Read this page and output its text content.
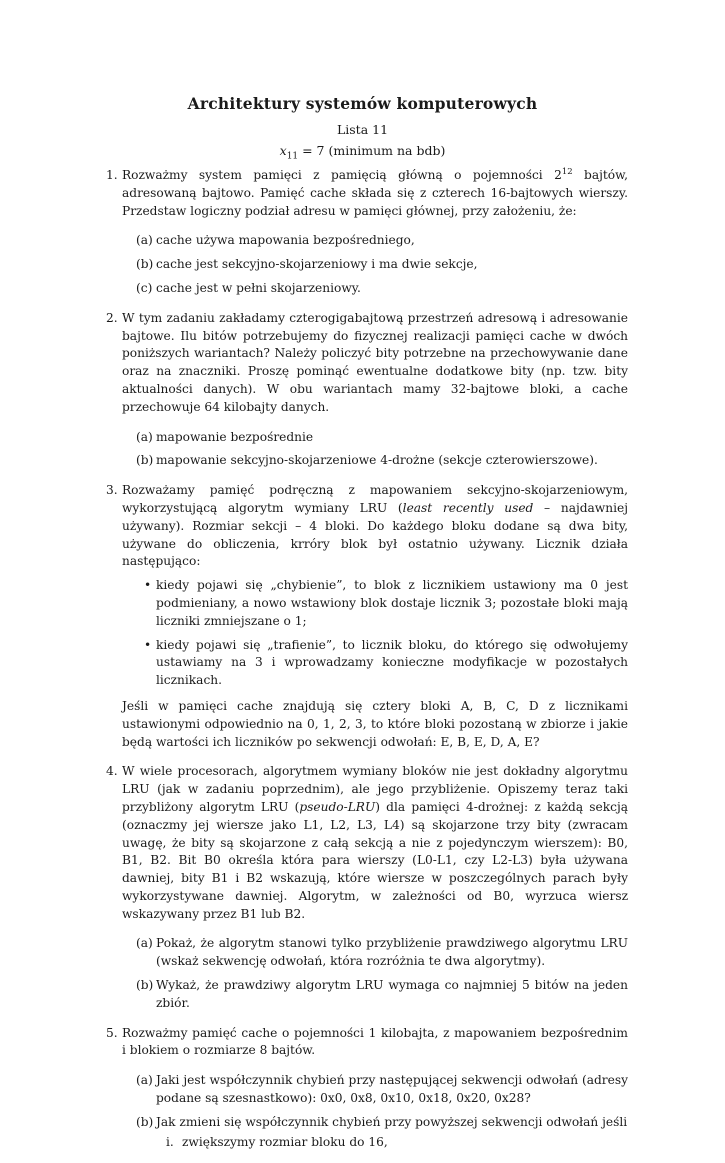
Architektury systemów komputerowych
Lista 11
$x_{11} = 7$ (minimum na bdb)
1. Rozważmy system pamięci z pamięcią główną o pojemności $2^{12}$ bajtów, adresowaną bajtowo. Pamięć cache składa się z czterech 16-bajtowych wierszy. Przedstaw logiczny podział adresu w pamięci głównej, przy założeniu, że:
(a) cache używa mapowania bezpośredniego,
(b) cache jest sekcyjno-skojarzeniowy i ma dwie sekcje,
(c) cache jest w pełni skojarzeniowy.
2. W tym zadaniu zakładamy czterogigabajtową przestrzeń adresową i adresowanie bajtowe. Ilu bitów potrzebujemy do fizycznej realizacji pamięci cache w dwóch poniższych wariantach? Należy policzyć bity potrzebne na przechowywanie dane oraz na znaczniki. Proszę pominąć ewentualne dodatkowe bity (np. tzw. bity aktualności danych). W obu wariantach mamy 32-bajtowe bloki, a cache przechowuje 64 kilobajty danych.
(a) mapowanie bezpośrednie
(b) mapowanie sekcyjno-skojarzeniowe 4-drożne (sekcje czterowierszowe).
3. Rozważamy pamięć podręczną z mapowaniem sekcyjno-skojarzeniowym, wykorzystującą algorytm wymiany LRU (least recently used – najdawniej używany). Rozmiar sekcji – 4 bloki. Do każdego bloku dodane są dwa bity, używane do obliczenia, krróry blok był ostatnio używany. Licznik działa następująco:
• kiedy pojawi się „chybienie”, to blok z licznikiem ustawiony ma 0 jest podmieniany, a nowo wstawiony blok dostaje licznik 3; pozostałe bloki mają liczniki zmniejszane o 1;
• kiedy pojawi się „trafienie”, to licznik bloku, do którego się odwołujemy ustawiamy na 3 i wprowadzamy konieczne modyfikacje w pozostałych licznikach.
Jeśli w pamięci cache znajdują się cztery bloki A, B, C, D z licznikami ustawionymi odpowiednio na 0, 1, 2, 3, to które bloki pozostaną w zbiorze i jakie będą wartości ich liczników po sekwencji odwołań: E, B, E, D, A, E?
4. W wiele procesorach, algorytmem wymiany bloków nie jest dokładny algorytmu LRU (jak w zadaniu poprzednim), ale jego przybliżenie. Opiszemy teraz taki przybliżony algorytm LRU (pseudo-LRU) dla pamięci 4-drożnej: z każdą sekcją (oznaczmy jej wiersze jako L1, L2, L3, L4) są skojarzone trzy bity (zwracam uwagę, że bity są skojarzone z całą sekcją a nie z pojedynczym wierszem): B0, B1, B2. Bit B0 określa która para wierszy (L0-L1, czy L2-L3) była używana dawniej, bity B1 i B2 wskazują, które wiersze w poszczególnych parach były wykorzystywane dawniej. Algorytm, w zależności od B0, wyrzuca wiersz wskazywany przez B1 lub B2.
(a) Pokaż, że algorytm stanowi tylko przybliżenie prawdziwego algorytmu LRU (wskaż sekwencję odwołań, która rozróżnia te dwa algorytmy).
(b) Wykaż, że prawdziwy algorytm LRU wymaga co najmniej 5 bitów na jeden zbiór.
5. Rozważmy pamięć cache o pojemności 1 kilobajta, z mapowaniem bezpośrednim i blokiem o rozmiarze 8 bajtów.
(a) Jaki jest współczynnik chybień przy następującej sekwencji odwołań (adresy podane są szesnastkowo): 0x0, 0x8, 0x10, 0x18, 0x20, 0x28?
(b) Jak zmieni się współczynnik chybień przy powyższej sekwencji odwołań jeśli
i. zwiększymy rozmiar bloku do 16,
